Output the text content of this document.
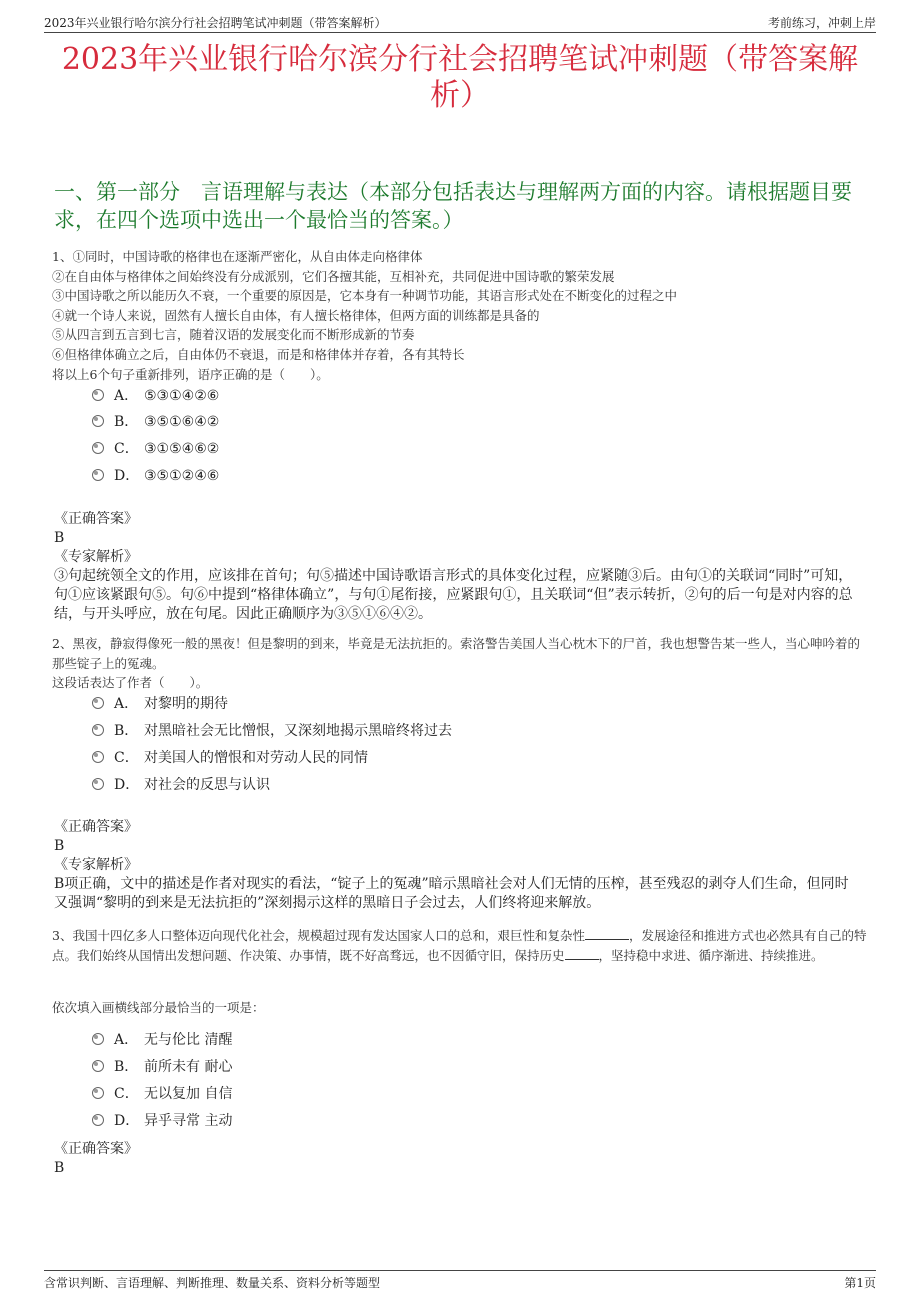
2023年兴业银行哈尔滨分行社会招聘笔试冲刺题（带答案解析）	考前练习，冲刺上岸
2023年兴业银行哈尔滨分行社会招聘笔试冲刺题（带答案解析）
一、第一部分　言语理解与表达（本部分包括表达与理解两方面的内容。请根据题目要求，在四个选项中选出一个最恰当的答案。）
1、①同时，中国诗歌的格律也在逐渐严密化，从自由体走向格律体
②在自由体与格律体之间始终没有分成派别，它们各擅其能，互相补充，共同促进中国诗歌的繁荣发展
③中国诗歌之所以能历久不衰，一个重要的原因是，它本身有一种调节功能，其语言形式处在不断变化的过程之中
④就一个诗人来说，固然有人擅长自由体，有人擅长格律体，但两方面的训练都是具备的
⑤从四言到五言到七言，随着汉语的发展变化而不断形成新的节奏
⑥但格律体确立之后，自由体仍不衰退，而是和格律体并存着，各有其特长
将以上6个句子重新排列，语序正确的是（　　）。
A． ⑤③①④②⑥
B． ③⑤①⑥④②
C． ③①⑤④⑥②
D． ③⑤①②④⑥
《正确答案》
B
《专家解析》
③句起统领全文的作用，应该排在首句；句⑤描述中国诗歌语言形式的具体变化过程，应紧随③后。由句①的关联词“同时”可知，句①应该紧跟句⑤。句⑥中提到“格律体确立”，与句①尾衔接，应紧跟句①，且关联词“但”表示转折，②句的后一句是对内容的总结，与开头呼应，放在句尾。因此正确顺序为③⑤①⑥④②。
2、黑夜，静寂得像死一般的黑夜！但是黎明的到来，毕竟是无法抗拒的。索洛警告美国人当心枕木下的尸首，我也想警告某一些人，当心呻吟着的那些锭子上的冤魂。
这段话表达了作者（　　）。
A． 对黎明的期待
B． 对黑暗社会无比憎恨，又深刻地揭示黑暗终将过去
C． 对美国人的憎恨和对劳动人民的同情
D． 对社会的反思与认识
《正确答案》
B
《专家解析》
B项正确，文中的描述是作者对现实的看法，“锭子上的冤魂”暗示黑暗社会对人们无情的压榨，甚至残忍的剥夺人们生命，但同时又强调“黎明的到来是无法抗拒的”深刻揭示这样的黑暗日子会过去，人们终将迎来解放。
3、我国十四亿多人口整体迈向现代化社会，规模超过现有发达国家人口的总和，艰巨性和复杂性	，发展途径和推进方式也必然具有自己的特点。我们始终从国情出发想问题、作决策、办事情，既不好高骛远，也不因循守旧，保持历史	，坚持稳中求进、循序渐进、持续推进。
依次填入画横线部分最恰当的一项是：
A． 无与伦比 清醒
B． 前所未有 耐心
C． 无以复加 自信
D． 异乎寻常 主动
《正确答案》
B
含常识判断、言语理解、判断推理、数量关系、资料分析等题型	第1页
